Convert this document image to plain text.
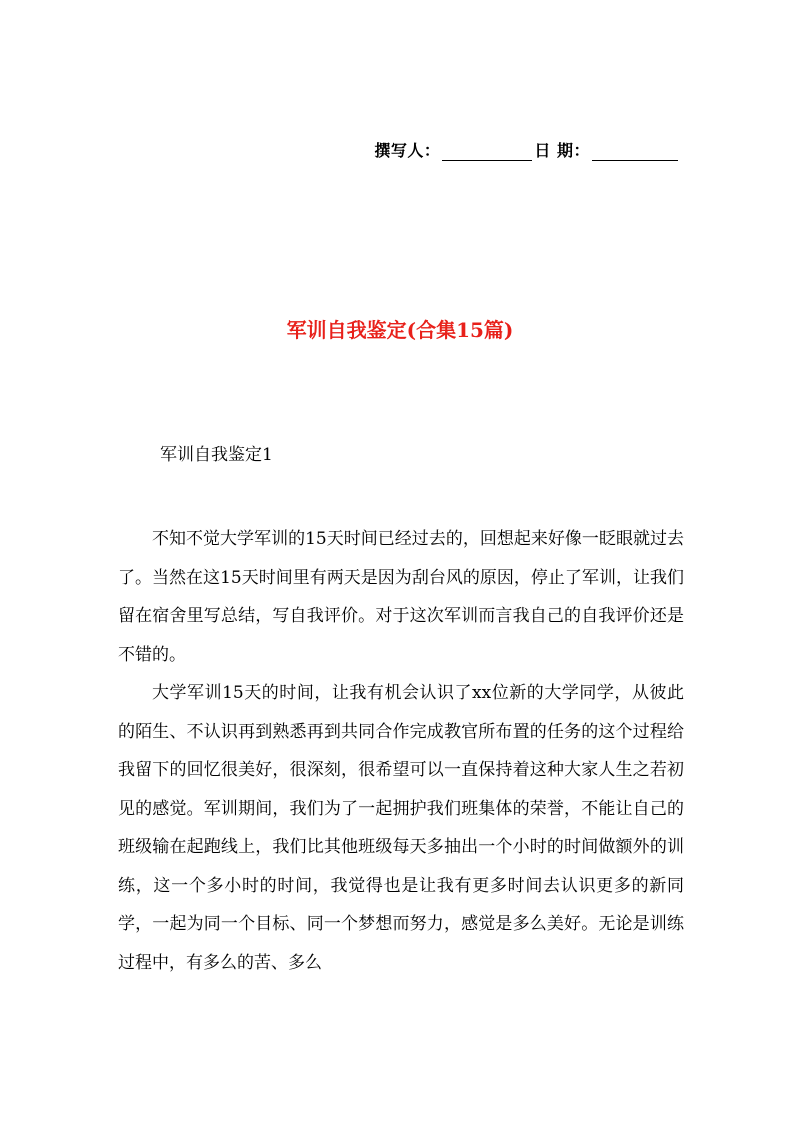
撰写人：	日 期：
军训自我鉴定(合集15篇)
军训自我鉴定1

不知不觉大学军训的15天时间已经过去的，回想起来好像一眨眼就过去了。当然在这15天时间里有两天是因为刮台风的原因，停止了军训，让我们留在宿舍里写总结，写自我评价。对于这次军训而言我自己的自我评价还是不错的。

大学军训15天的时间，让我有机会认识了xx位新的大学同学，从彼此的陌生、不认识再到熟悉再到共同合作完成教官所布置的任务的这个过程给我留下的回忆很美好，很深刻，很希望可以一直保持着这种大家人生之若初见的感觉。军训期间，我们为了一起拥护我们班集体的荣誉，不能让自己的班级输在起跑线上，我们比其他班级每天多抽出一个小时的时间做额外的训练，这一个多小时的时间，我觉得也是让我有更多时间去认识更多的新同学，一起为同一个目标、同一个梦想而努力，感觉是多么美好。无论是训练过程中，有多么的苦、多么
